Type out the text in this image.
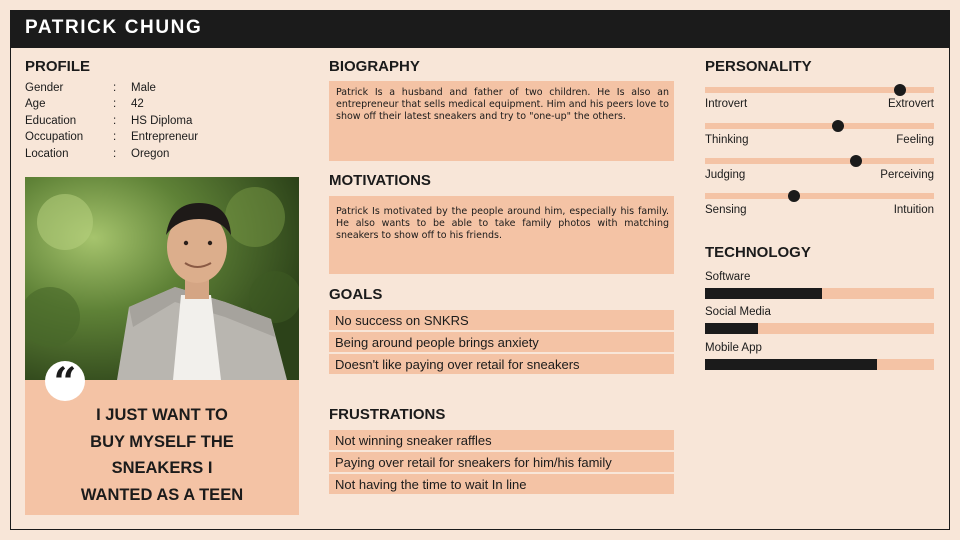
PATRICK CHUNG
PROFILE
Gender	: Male
Age	: 42
Education	: HS Diploma
Occupation	: Entrepreneur
Location	: Oregon
“
I JUST WANT TO
BUY MYSELF THE
SNEAKERS I
WANTED AS A TEEN
BIOGRAPHY
Patrick Is a husband and father of two children. He Is also an entrepreneur that sells medical equipment. Him and his peers love to show off their latest sneakers and try to "one-up" the others.
MOTIVATIONS
Patrick Is motivated by the people around him, especially his family. He also wants to be able to take family photos with matching sneakers to show off to his friends.
GOALS
No success on SNKRS
Being around people brings anxiety
Doesn't like paying over retail for sneakers
FRUSTRATIONS
Not winning sneaker raffles
Paying over retail for sneakers for him/his family
Not having the time to wait In line
PERSONALITY
Introvert	Extrovert
Thinking	Feeling
Judging	Perceiving
Sensing	Intuition
TECHNOLOGY
Software
Social Media
Mobile App
